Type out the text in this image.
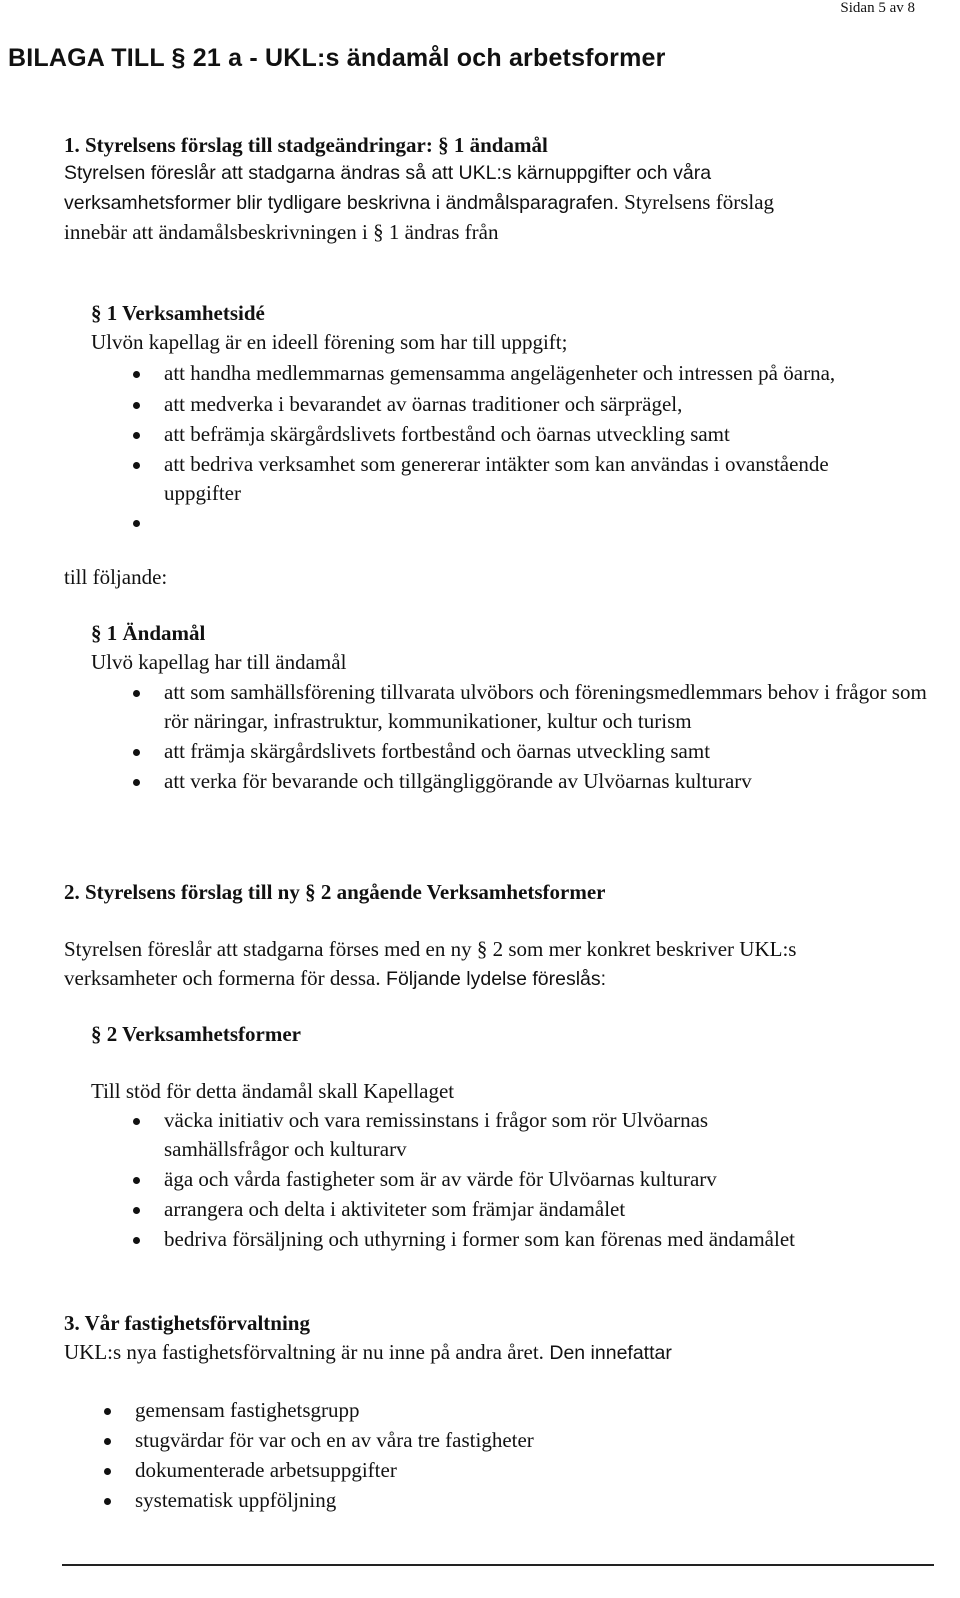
Sidan 5 av 8
BILAGA TILL § 21 a - UKL:s ändamål och arbetsformer
1. Styrelsens förslag till stadgeändringar: § 1 ändamål
Styrelsen föreslår att stadgarna ändras så att UKL:s kärnuppgifter och våra
verksamhetsformer blir tydligare beskrivna i ändmålsparagrafen. Styrelsens förslag
innebär att ändamålsbeskrivningen i § 1 ändras från
§ 1 Verksamhetsidé
Ulvön kapellag är en ideell förening som har till uppgift;
att handha medlemmarnas gemensamma angelägenheter och intressen på öarna,
att medverka i bevarandet av öarnas traditioner och särprägel,
att befrämja skärgårdslivets fortbestånd och öarnas utveckling samt
att bedriva verksamhet som genererar intäkter som kan användas i ovanstående uppgifter
till följande:
§ 1 Ändamål
Ulvö kapellag har till ändamål
att som samhällsförening tillvarata ulvöbors och föreningsmedlemmars behov i frågor som rör näringar, infrastruktur, kommunikationer, kultur och turism
att främja skärgårdslivets fortbestånd och öarnas utveckling samt
att verka för bevarande och tillgängliggörande av Ulvöarnas kulturarv
2. Styrelsens förslag till ny § 2 angående Verksamhetsformer
Styrelsen föreslår att stadgarna förses med en ny § 2 som mer konkret beskriver UKL:s
verksamheter och formerna för dessa. Följande lydelse föreslås:
§ 2 Verksamhetsformer
Till stöd för detta ändamål skall Kapellaget
väcka initiativ och vara remissinstans i frågor som rör Ulvöarnas samhällsfrågor och kulturarv
äga och vårda fastigheter som är av värde för Ulvöarnas kulturarv
arrangera och delta i aktiviteter som främjar ändamålet
bedriva försäljning och uthyrning i former som kan förenas med ändamålet
3. Vår fastighetsförvaltning
UKL:s nya fastighetsförvaltning är nu inne på andra året. Den innefattar
gemensam fastighetsgrupp
stugvärdar för var och en av våra tre fastigheter
dokumenterade arbetsuppgifter
systematisk uppföljning
